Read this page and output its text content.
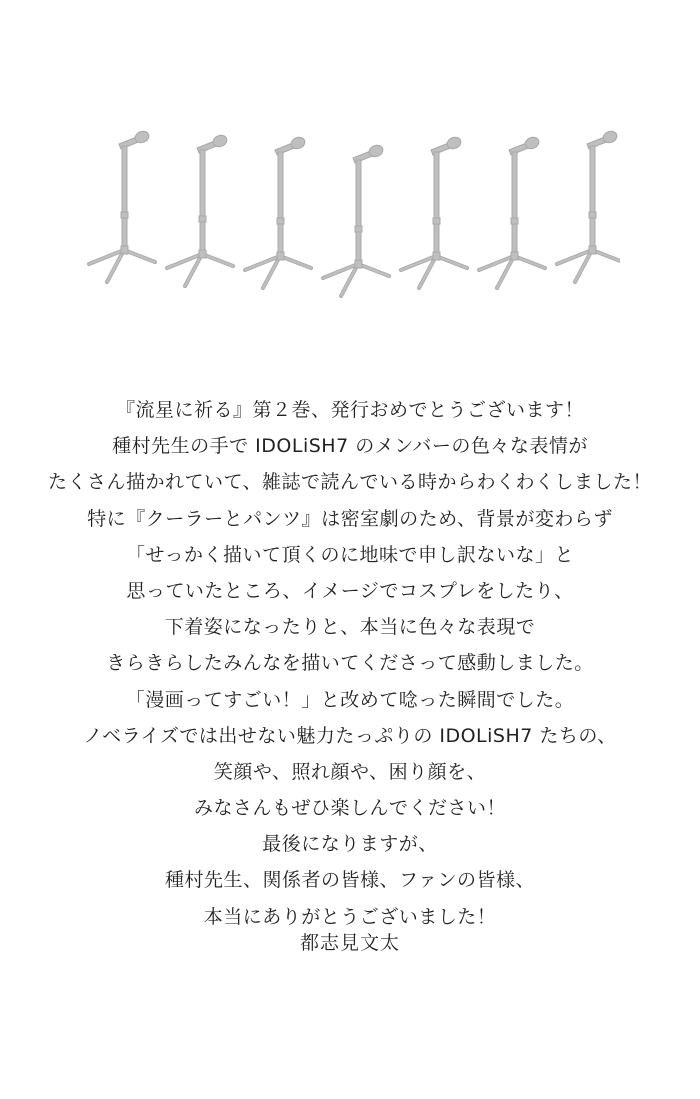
『流星に祈る』第２巻、発行おめでとうございます！
種村先生の手で IDOLiSH7 のメンバーの色々な表情が
たくさん描かれていて、雑誌で読んでいる時からわくわくしました！
特に『クーラーとパンツ』は密室劇のため、背景が変わらず
「せっかく描いて頂くのに地味で申し訳ないな」と
思っていたところ、イメージでコスプレをしたり、
下着姿になったりと、本当に色々な表現で
きらきらしたみんなを描いてくださって感動しました。
「漫画ってすごい！」と改めて唸った瞬間でした。
ノベライズでは出せない魅力たっぷりの IDOLiSH7 たちの、
笑顔や、照れ顔や、困り顔を、
みなさんもぜひ楽しんでください！
最後になりますが、
種村先生、関係者の皆様、ファンの皆様、
本当にありがとうございました！
都志見文太
